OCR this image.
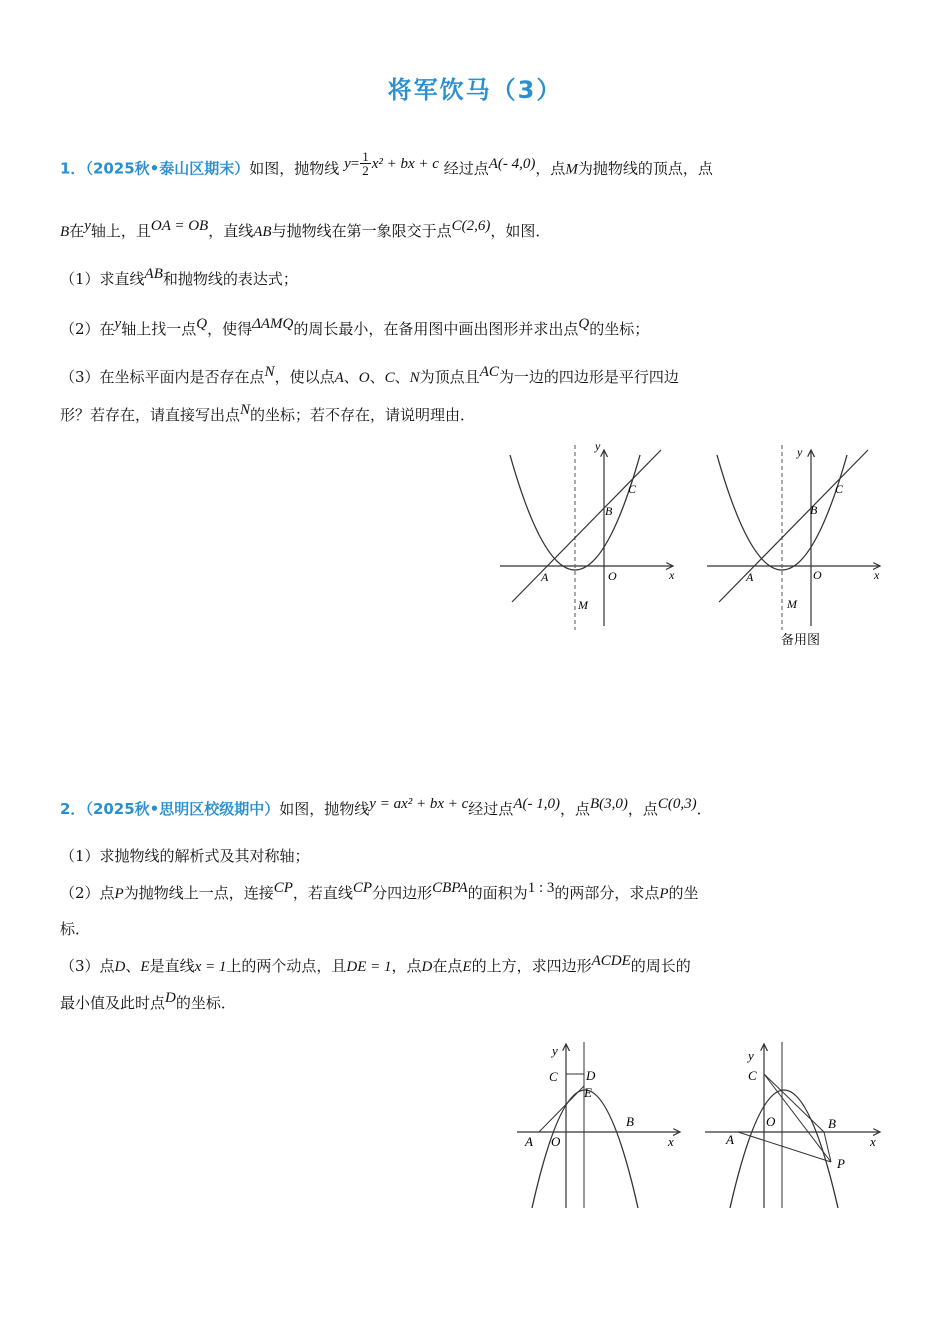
将军饮马（3）
1．（2025秋•泰山区期末）如图，抛物线 $y= \frac{1}{2} x^2$ + bx + c 经过点A(- 4,0)，点M为抛物线的顶点，点
B在y轴上，且OA = OB，直线AB与抛物线在第一象限交于点C(2,6)，如图．
（1）求直线AB和抛物线的表达式；
（2）在y轴上找一点Q，使得ΔAMQ的周长最小，在备用图中画出图形并求出点Q的坐标；
（3）在坐标平面内是否存在点N，使以点A、O、C、N为顶点且AC为一边的四边形是平行四边
形？若存在，请直接写出点N的坐标；若不存在，请说明理由．
y
x
O
A
B
C
M
y
x
O
A
B
C
M
备用图
2．（2025秋•思明区校级期中）如图，抛物线y = ax² + bx + c经过点A(- 1,0)，点B(3,0)，点C(0,3)．
（1）求抛物线的解析式及其对称轴；
（2）点P为抛物线上一点，连接CP，若直线CP分四边形CBPA的面积为1 : 3的两部分，求点P的坐
标．
（3）点D、E是直线x = 1上的两个动点，且DE = 1，点D在点E的上方，求四边形ACDE的周长的
最小值及此时点D的坐标．
y
x
O
A
B
C D
E
y
x
O
A
B
C
P
